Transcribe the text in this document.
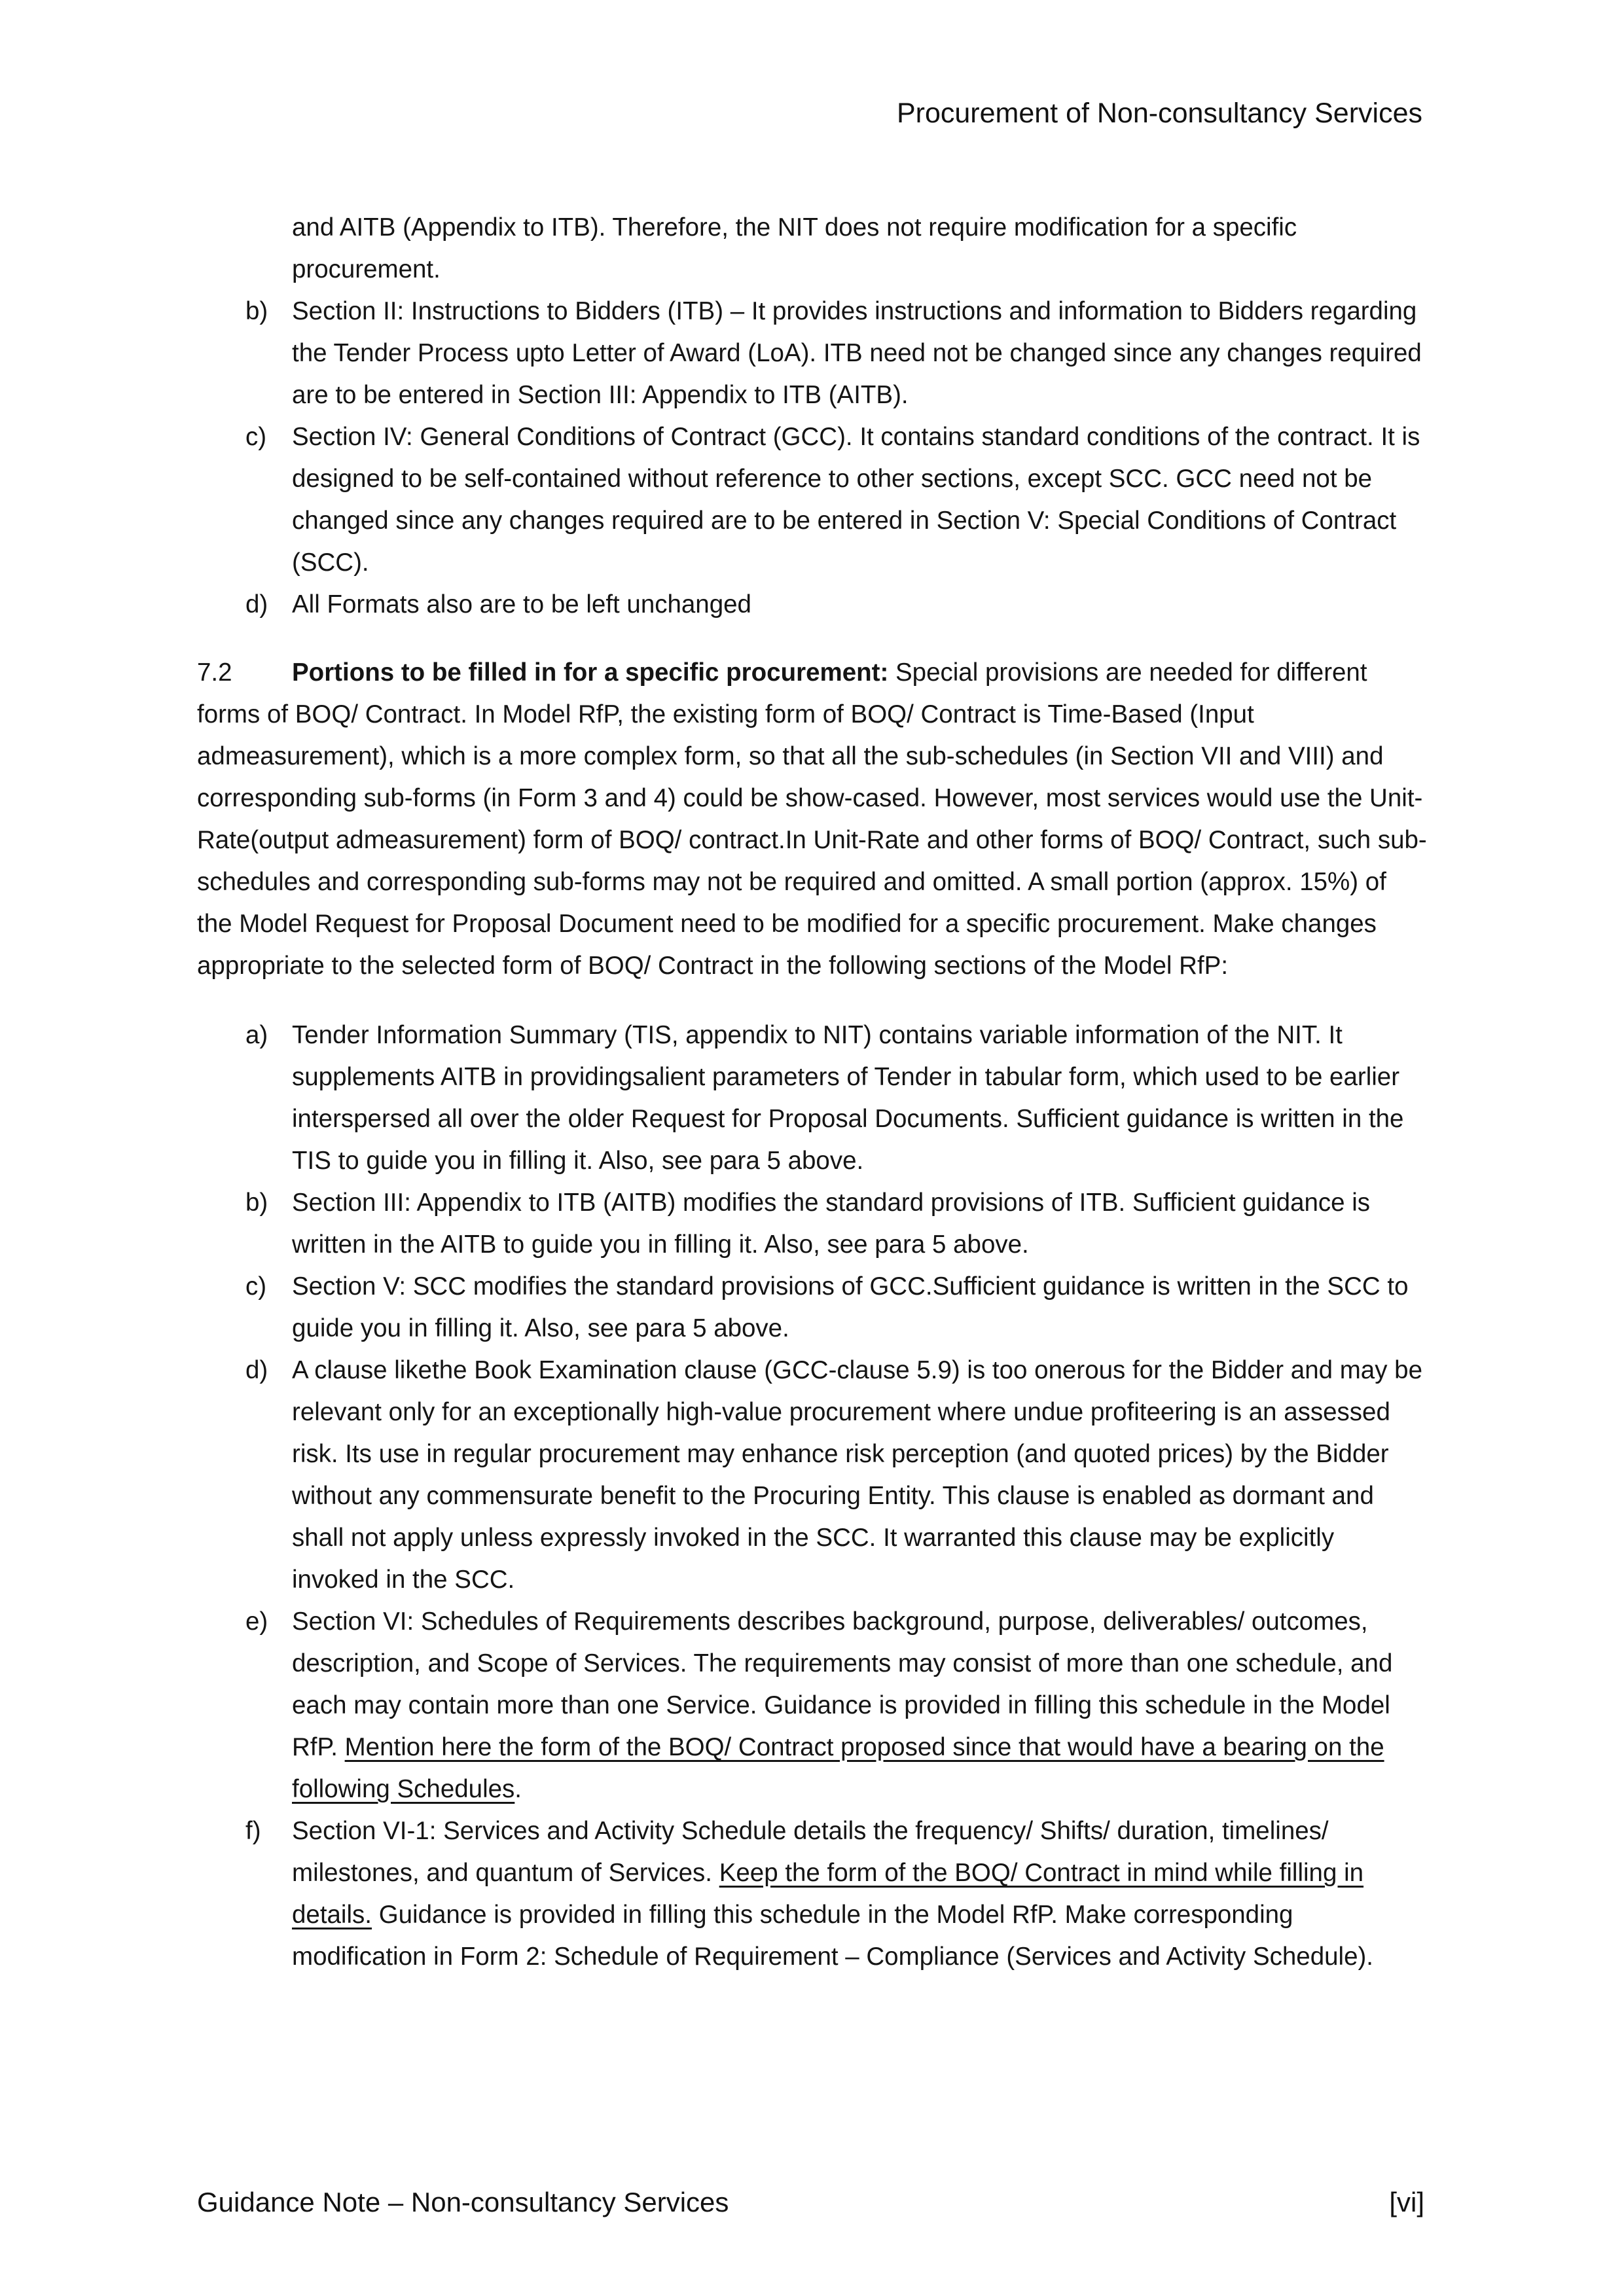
Procurement of Non-consultancy Services
and AITB (Appendix to ITB). Therefore, the NIT does not require modification for a specific procurement.
b) Section II: Instructions to Bidders (ITB) – It provides instructions and information to Bidders regarding the Tender Process upto Letter of Award (LoA). ITB need not be changed since any changes required are to be entered in Section III: Appendix to ITB (AITB).
c)	Section IV: General Conditions of Contract (GCC). It contains standard conditions of the contract. It is designed to be self-contained without reference to other sections, except SCC. GCC need not be changed since any changes required are to be entered in Section V: Special Conditions of Contract (SCC).
d) All Formats also are to be left unchanged
7.2 Portions to be filled in for a specific procurement: Special provisions are needed for different forms of BOQ/ Contract. In Model RfP, the existing form of BOQ/ Contract is Time-Based (Input admeasurement), which is a more complex form, so that all the sub-schedules (in Section VII and VIII) and corresponding sub-forms (in Form 3 and 4) could be show-cased. However, most services would use the Unit-Rate(output admeasurement) form of BOQ/ contract.In Unit-Rate and other forms of BOQ/ Contract, such sub-schedules and corresponding sub-forms may not be required and omitted. A small portion (approx. 15%) of the Model Request for Proposal Document need to be modified for a specific procurement. Make changes appropriate to the selected form of BOQ/ Contract in the following sections of the Model RfP:
a) Tender Information Summary (TIS, appendix to NIT) contains variable information of the NIT. It supplements AITB in providingsalient parameters of Tender in tabular form, which used to be earlier interspersed all over the older Request for Proposal Documents. Sufficient guidance is written in the TIS to guide you in filling it. Also, see para 5 above.
b) Section III: Appendix to ITB (AITB) modifies the standard provisions of ITB. Sufficient guidance is written in the AITB to guide you in filling it. Also, see para 5 above.
c)	Section V: SCC modifies the standard provisions of GCC.Sufficient guidance is written in the SCC to guide you in filling it. Also, see para 5 above.
d) A clause likethe Book Examination clause (GCC-clause 5.9) is too onerous for the Bidder and may be relevant only for an exceptionally high-value procurement where undue profiteering is an assessed risk. Its use in regular procurement may enhance risk perception (and quoted prices) by the Bidder without any commensurate benefit to the Procuring Entity. This clause is enabled as dormant and shall not apply unless expressly invoked in the SCC. It warranted this clause may be explicitly invoked in the SCC.
e) Section VI: Schedules of Requirements describes background, purpose, deliverables/ outcomes, description, and Scope of Services. The requirements may consist of more than one schedule, and each may contain more than one Service. Guidance is provided in filling this schedule in the Model RfP. Mention here the form of the BOQ/ Contract proposed since that would have a bearing on the following Schedules.
f)	Section VI-1: Services and Activity Schedule details the frequency/ Shifts/ duration, timelines/ milestones, and quantum of Services. Keep the form of the BOQ/ Contract in mind while filling in details. Guidance is provided in filling this schedule in the Model RfP. Make corresponding modification in Form 2: Schedule of Requirement – Compliance (Services and Activity Schedule).
Guidance Note – Non-consultancy Services	[vi]
